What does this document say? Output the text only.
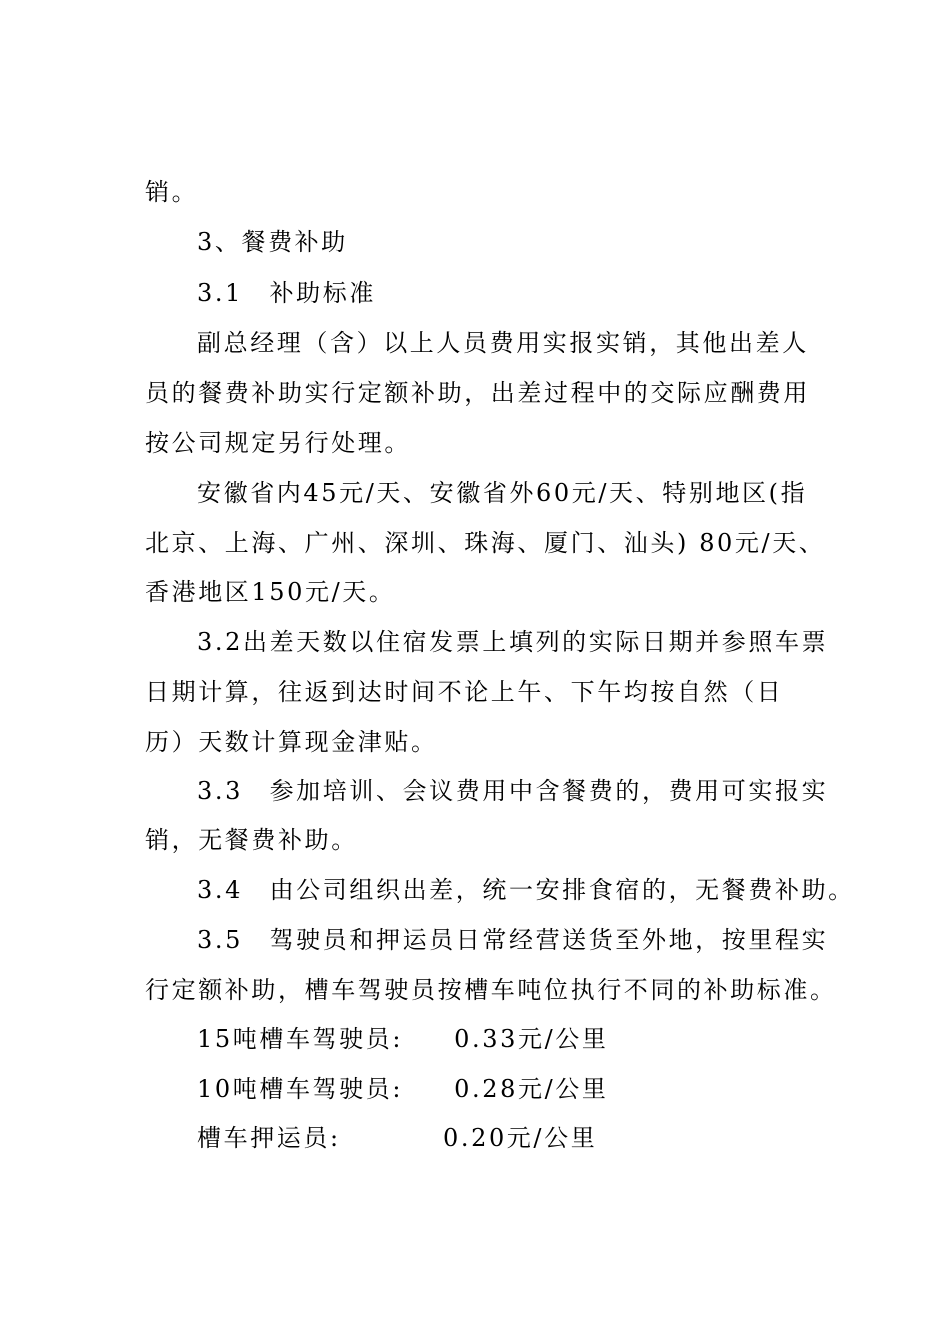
销。
3、餐费补助
3.1　补助标准
副总经理（含）以上人员费用实报实销，其他出差人
员的餐费补助实行定额补助，出差过程中的交际应酬费用
按公司规定另行处理。
安徽省内45元/天、安徽省外60元/天、特别地区(指
北京、上海、广州、深圳、珠海、厦门、汕头) 80元/天、
香港地区150元/天。
3.2出差天数以住宿发票上填列的实际日期并参照车票
日期计算，往返到达时间不论上午、下午均按自然（日
历）天数计算现金津贴。
3.3　参加培训、会议费用中含餐费的，费用可实报实
销，无餐费补助。
3.4　由公司组织出差，统一安排食宿的，无餐费补助。
3.5　驾驶员和押运员日常经营送货至外地，按里程实
行定额补助，槽车驾驶员按槽车吨位执行不同的补助标准。
15吨槽车驾驶员:     0.33元/公里
10吨槽车驾驶员:     0.28元/公里
槽车押运员:          0.20元/公里
